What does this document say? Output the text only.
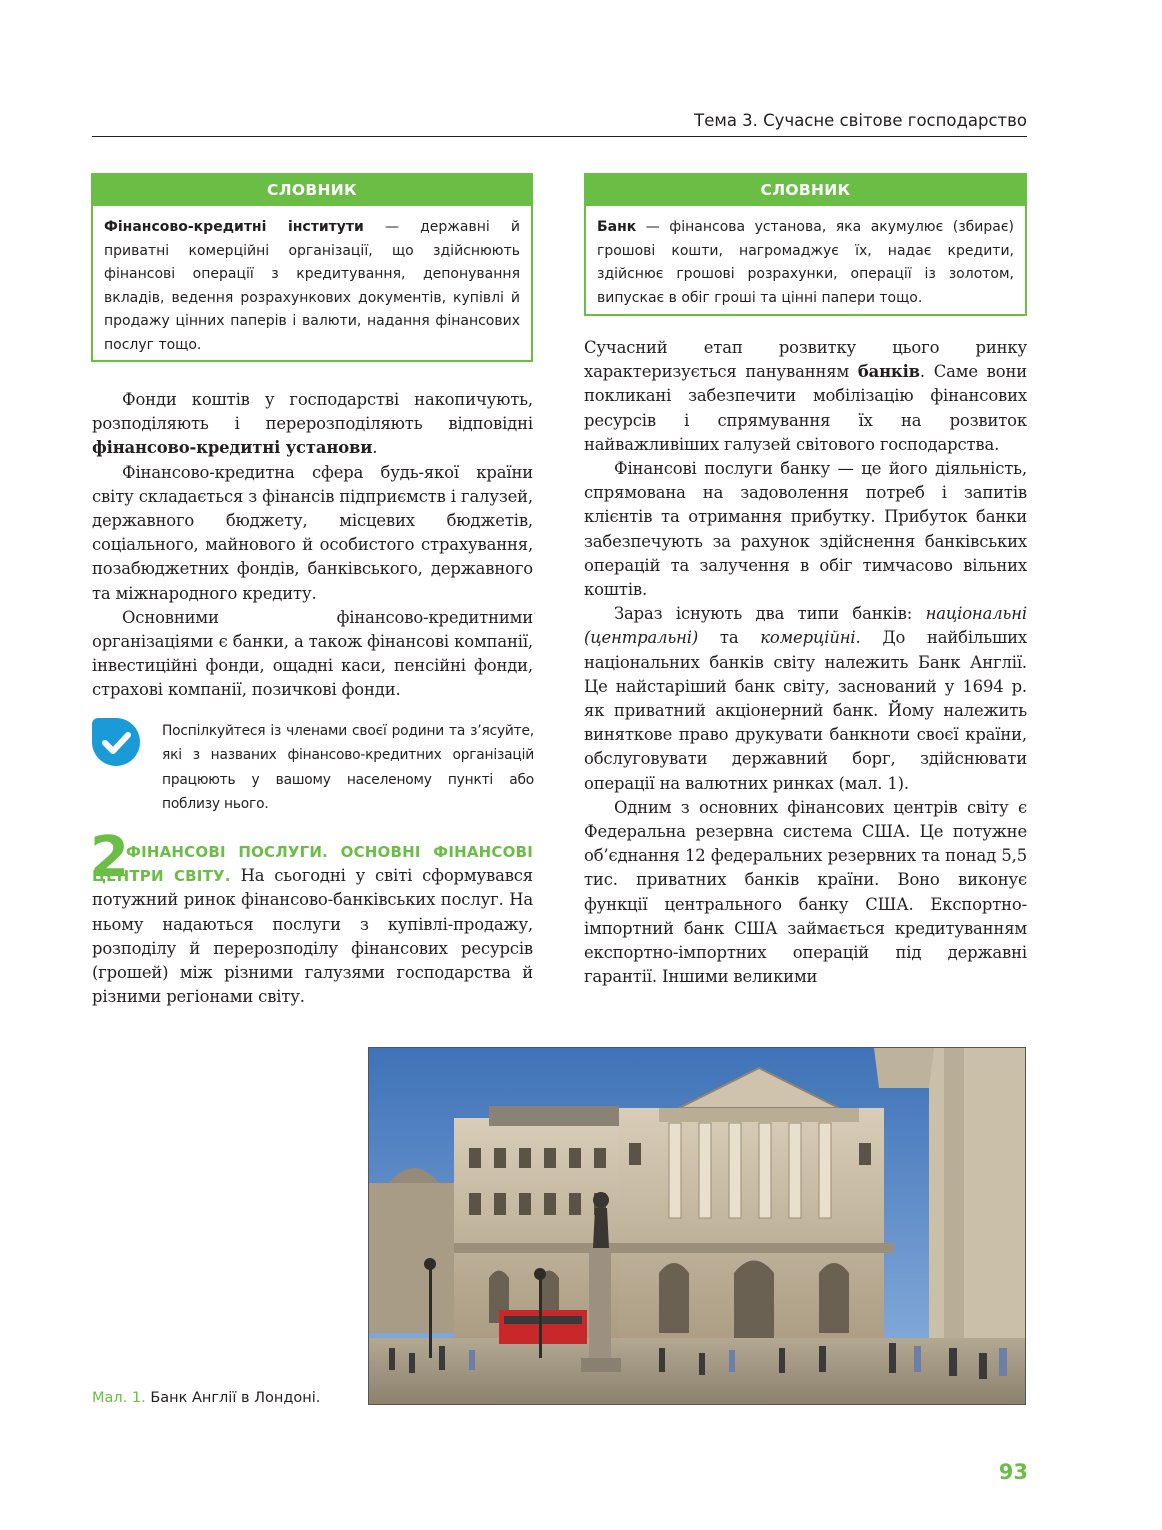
Тема 3. Сучасне світове господарство
СЛОВНИК
Фінансово-кредитні інститути — державні й приватні комерційні організації, що здійснюють фінансові операції з кредитування, депонування вкладів, ведення розрахункових документів, купівлі й продажу цінних паперів і валюти, надання фінансових послуг тощо.
СЛОВНИК
Банк — фінансова установа, яка акумулює (збирає) грошові кошти, нагромаджує їх, надає кредити, здійснює грошові розрахунки, операції із золотом, випускає в обіг гроші та цінні папери тощо.

Фонди коштів у господарстві накопичують, розподіляють і перерозподіляють відповідні фінансово-кредитні установи.

Фінансово-кредитна сфера будь-якої країни світу складається з фінансів підприємств і галузей, державного бюджету, місцевих бюджетів, соціального, майнового й особистого страхування, позабюджетних фондів, банківського, державного та міжнародного кредиту.

Основними фінансово-кредитними організаціями є банки, а також фінансові компанії, інвестиційні фонди, ощадні каси, пенсійні фонди, страхові компанії, позичкові фонди.

Поспілкуйтеся із членами своєї родини та з’ясуйте, які з названих фінансово-кредитних організацій працюють у вашому населеному пункті або поблизу нього.
2
ФІНАНСОВІ ПОСЛУГИ. ОСНОВНІ ФІНАНСОВІ ЦЕНТРИ СВІТУ. На сьогодні у світі сформувався потужний ринок фінансово-банківських послуг. На ньому надаються послуги з купівлі-продажу, розподілу й перерозподілу фінансових ресурсів (грошей) між різними галузями господарства й різними регіонами світу.

Сучасний етап розвитку цього ринку характеризується пануванням банків. Саме вони покликані забезпечити мобілізацію фінансових ресурсів і спрямування їх на розвиток найважливіших галузей світового господарства.

Фінансові послуги банку — це його діяльність, спрямована на задоволення потреб і запитів клієнтів та отримання прибутку. Прибуток банки забезпечують за рахунок здійснення банківських операцій та залучення в обіг тимчасово вільних коштів.

Зараз існують два типи банків: національні (центральні) та комерційні. До найбільших національних банків світу належить Банк Англії. Це найстаріший банк світу, заснований у 1694 р. як приватний акціонерний банк. Йому належить виняткове право друкувати банкноти своєї країни, обслуговувати державний борг, здійснювати операції на валютних ринках (мал. 1).

Одним з основних фінансових центрів світу є Федеральна резервна система США. Це потужне об’єднання 12 федеральних резервних та понад 5,5 тис. приватних банків країни. Воно виконує функції центрального банку США. Експортно-імпортний банк США займається кредитуванням експортно-імпортних операцій під державні гарантії. Іншими великими

Мал. 1. Банк Англії в Лондоні.
93
